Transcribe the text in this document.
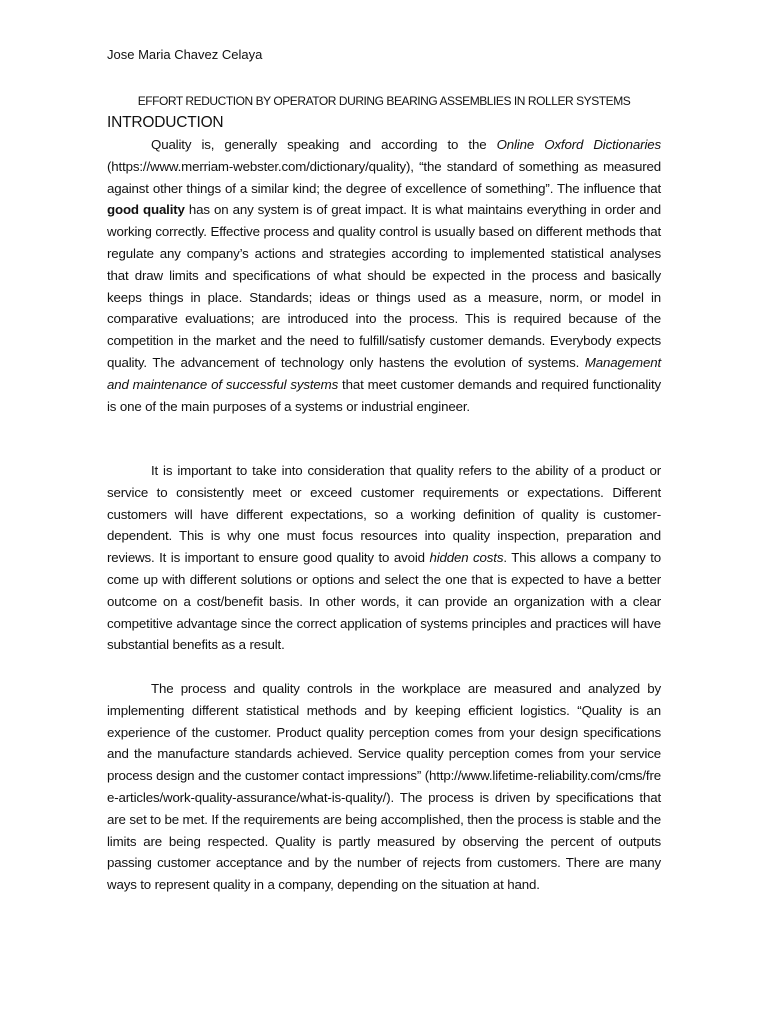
Jose Maria Chavez Celaya
EFFORT REDUCTION BY OPERATOR DURING BEARING ASSEMBLIES IN ROLLER SYSTEMS
INTRODUCTION

Quality is, generally speaking and according to the Online Oxford Dictionaries (https://www.merriam-webster.com/dictionary/quality), “the standard of something as measured against other things of a similar kind; the degree of excellence of something”. The influence that good quality has on any system is of great impact. It is what maintains everything in order and working correctly. Effective process and quality control is usually based on different methods that regulate any company’s actions and strategies according to implemented statistical analyses that draw limits and specifications of what should be expected in the process and basically keeps things in place. Standards; ideas or things used as a measure, norm, or model in comparative evaluations; are introduced into the process. This is required because of the competition in the market and the need to fulfill/satisfy customer demands. Everybody expects quality. The advancement of technology only hastens the evolution of systems. Management and maintenance of successful systems that meet customer demands and required functionality is one of the main purposes of a systems or industrial engineer.

It is important to take into consideration that quality refers to the ability of a product or service to consistently meet or exceed customer requirements or expectations. Different customers will have different expectations, so a working definition of quality is customer-dependent. This is why one must focus resources into quality inspection, preparation and reviews. It is important to ensure good quality to avoid hidden costs. This allows a company to come up with different solutions or options and select the one that is expected to have a better outcome on a cost/benefit basis. In other words, it can provide an organization with a clear competitive advantage since the correct application of systems principles and practices will have substantial benefits as a result.

The process and quality controls in the workplace are measured and analyzed by implementing different statistical methods and by keeping efficient logistics. “Quality is an experience of the customer. Product quality perception comes from your design specifications and the manufacture standards achieved. Service quality perception comes from your service process design and the customer contact impressions” (http://www.lifetime-reliability.com/cms/free-articles/work-quality-assurance/what-is-quality/). The process is driven by specifications that are set to be met. If the requirements are being accomplished, then the process is stable and the limits are being respected. Quality is partly measured by observing the percent of outputs passing customer acceptance and by the number of rejects from customers. There are many ways to represent quality in a company, depending on the situation at hand.
